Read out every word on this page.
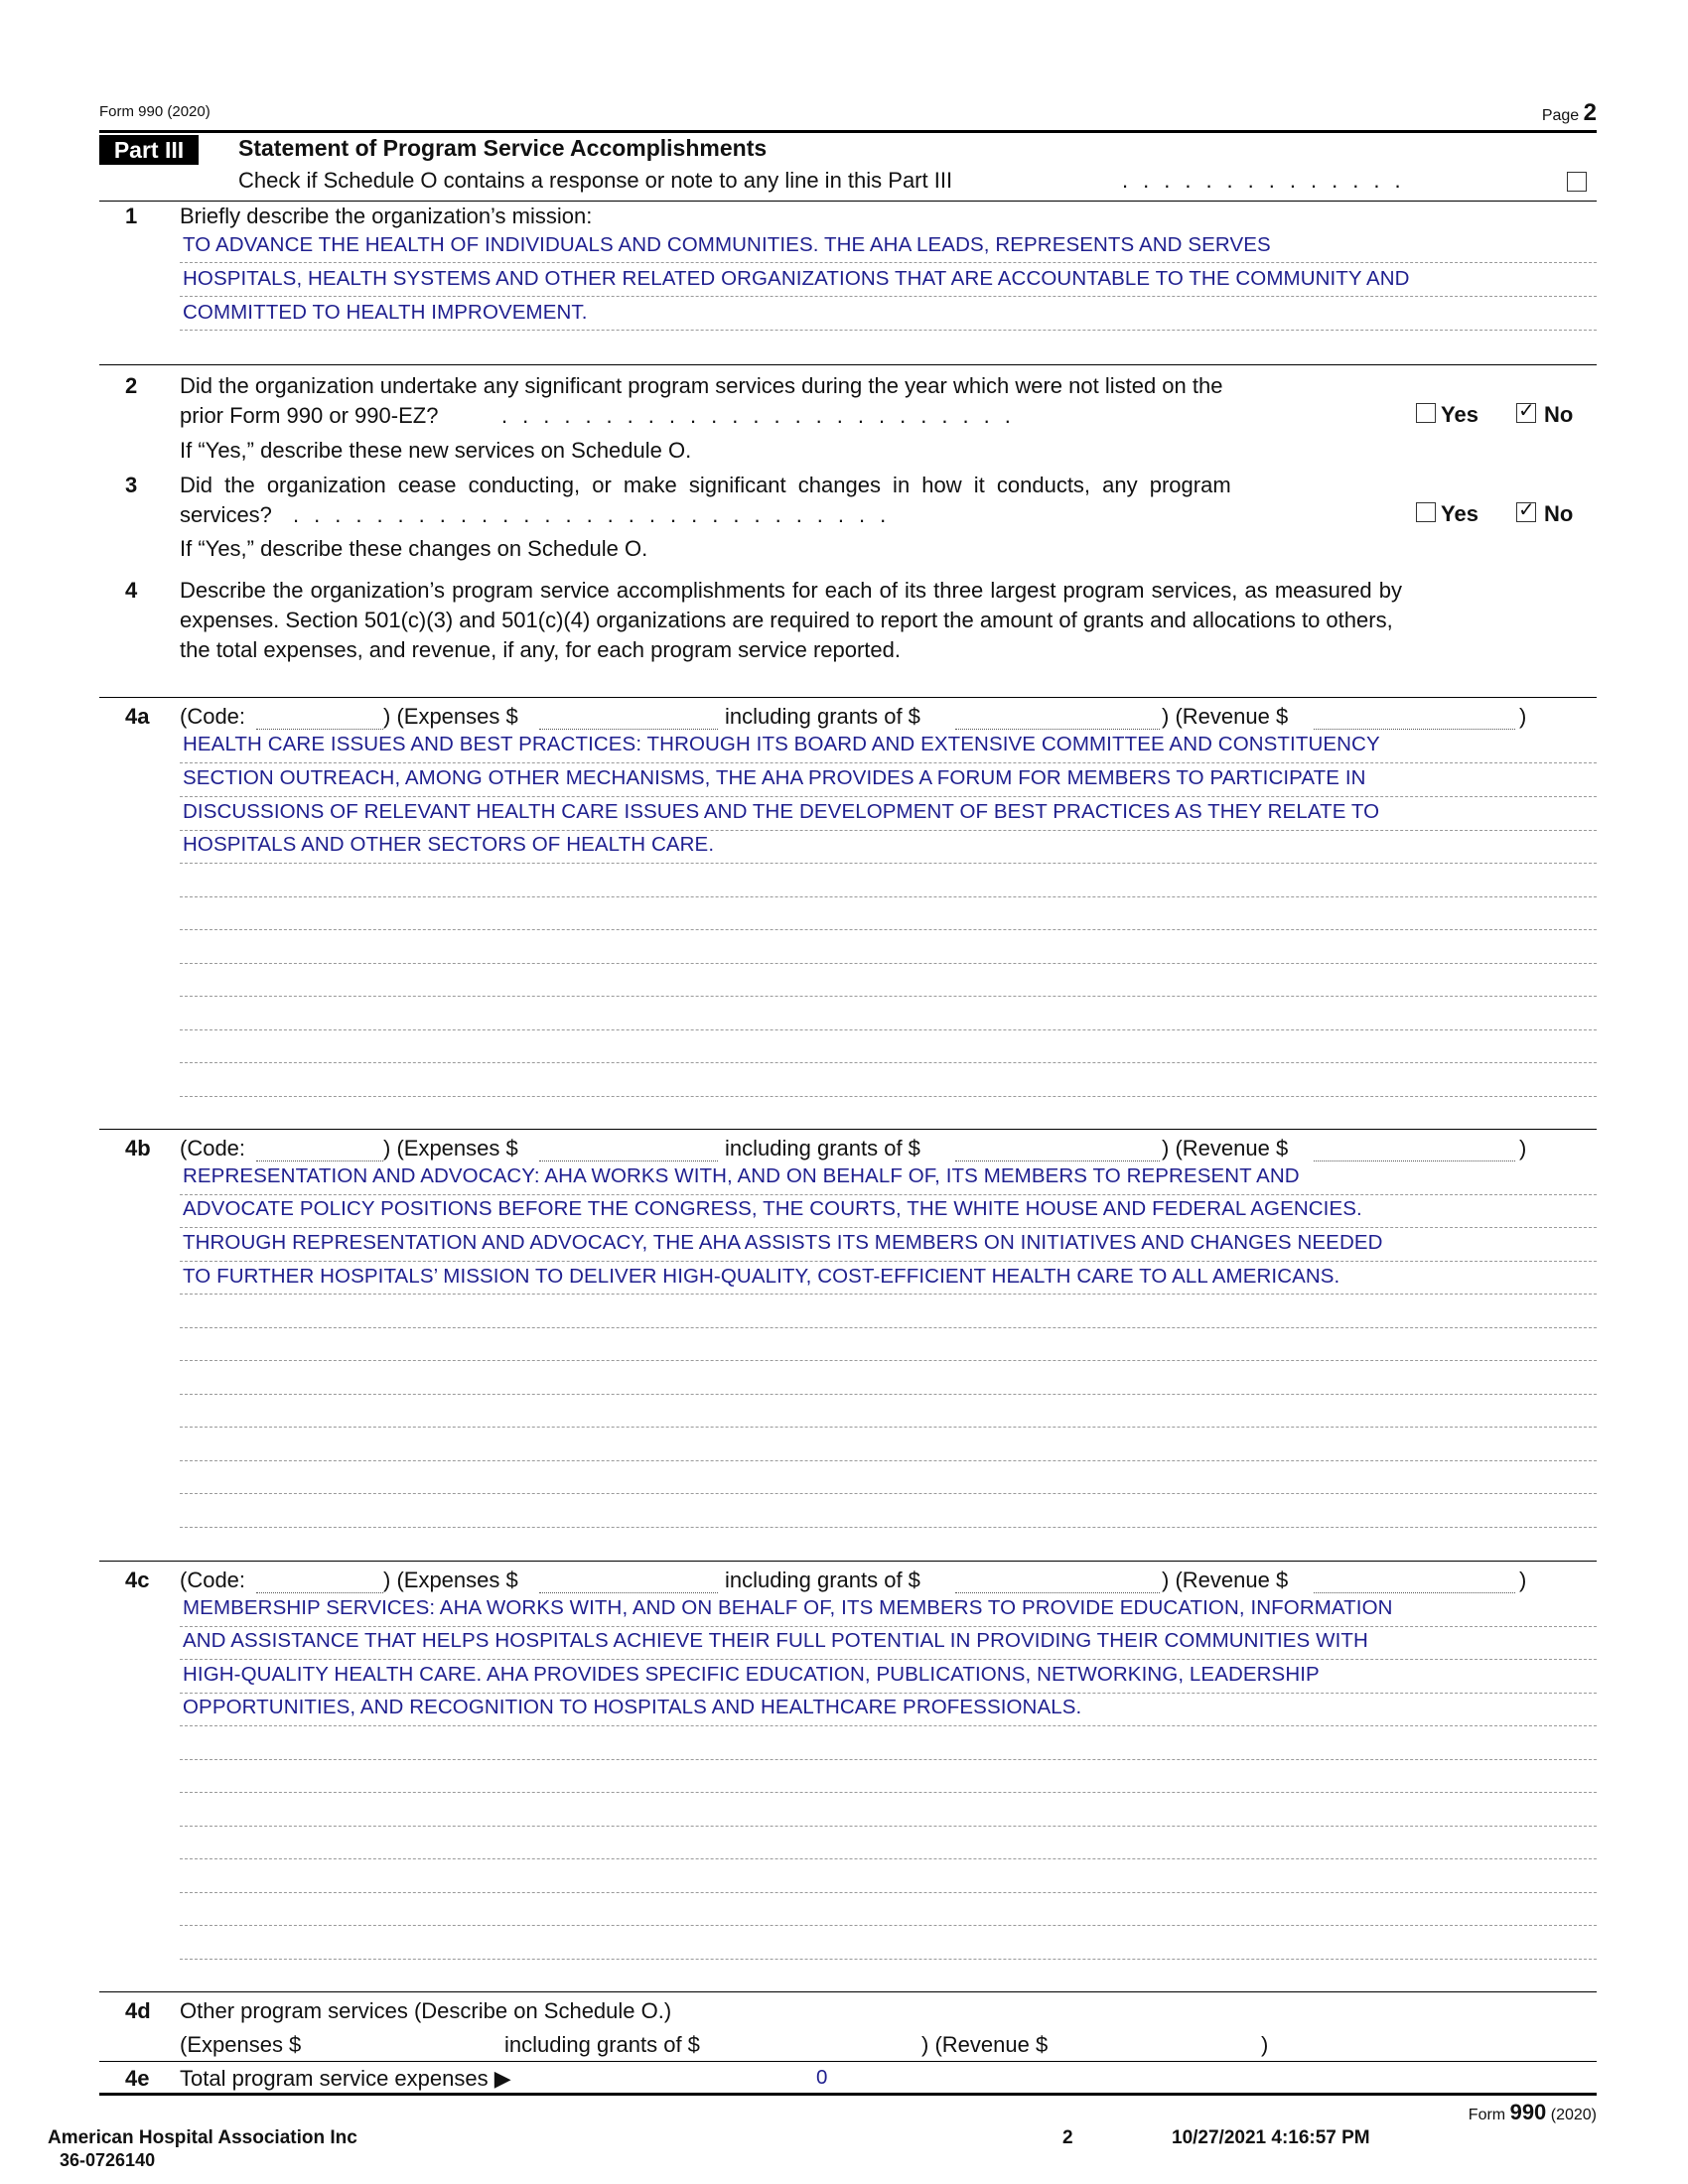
Form 990 (2020)	Page 2
Part III	Statement of Program Service Accomplishments
Check if Schedule O contains a response or note to any line in this Part III	..............
1 Briefly describe the organization’s mission:
TO ADVANCE THE HEALTH OF INDIVIDUALS AND COMMUNITIES. THE AHA LEADS, REPRESENTS AND SERVES
HOSPITALS, HEALTH SYSTEMS AND OTHER RELATED ORGANIZATIONS THAT ARE ACCOUNTABLE TO THE COMMUNITY AND
COMMITTED TO HEALTH IMPROVEMENT.
2 Did the organization undertake any significant program services during the year which were not listed on the
prior Form 990 or 990-EZ?	.........................	Yes ✓ No
If “Yes,” describe these new services on Schedule O.
3 Did the organization cease conducting, or make significant changes in how it conducts, any program
services? .............................	Yes ✓ No
If “Yes,” describe these changes on Schedule O.
4 Describe the organization’s program service accomplishments for each of its three largest program services, as measured by
expenses. Section 501(c)(3) and 501(c)(4) organizations are required to report the amount of grants and allocations to others,
the total expenses, and revenue, if any, for each program service reported.
4a (Code:	) (Expenses $	including grants of $	) (Revenue $	)
HEALTH CARE ISSUES AND BEST PRACTICES: THROUGH ITS BOARD AND EXTENSIVE COMMITTEE AND CONSTITUENCY
SECTION OUTREACH, AMONG OTHER MECHANISMS, THE AHA PROVIDES A FORUM FOR MEMBERS TO PARTICIPATE IN
DISCUSSIONS OF RELEVANT HEALTH CARE ISSUES AND THE DEVELOPMENT OF BEST PRACTICES AS THEY RELATE TO
HOSPITALS AND OTHER SECTORS OF HEALTH CARE.
4b (Code:	) (Expenses $	including grants of $	) (Revenue $	)
REPRESENTATION AND ADVOCACY: AHA WORKS WITH, AND ON BEHALF OF, ITS MEMBERS TO REPRESENT AND
ADVOCATE POLICY POSITIONS BEFORE THE CONGRESS, THE COURTS, THE WHITE HOUSE AND FEDERAL AGENCIES.
THROUGH REPRESENTATION AND ADVOCACY, THE AHA ASSISTS ITS MEMBERS ON INITIATIVES AND CHANGES NEEDED
TO FURTHER HOSPITALS’ MISSION TO DELIVER HIGH-QUALITY, COST-EFFICIENT HEALTH CARE TO ALL AMERICANS.
4c (Code:	) (Expenses $	including grants of $	) (Revenue $	)
MEMBERSHIP SERVICES: AHA WORKS WITH, AND ON BEHALF OF, ITS MEMBERS TO PROVIDE EDUCATION, INFORMATION
AND ASSISTANCE THAT HELPS HOSPITALS ACHIEVE THEIR FULL POTENTIAL IN PROVIDING THEIR COMMUNITIES WITH
HIGH-QUALITY HEALTH CARE. AHA PROVIDES SPECIFIC EDUCATION, PUBLICATIONS, NETWORKING, LEADERSHIP
OPPORTUNITIES, AND RECOGNITION TO HOSPITALS AND HEALTHCARE PROFESSIONALS.
4d Other program services (Describe on Schedule O.)
(Expenses $	including grants of $	) (Revenue $	)
4e Total program service expenses ▶	0
Form 990 (2020)
American Hospital Association Inc
36-0726140
2	10/27/2021 4:16:57 PM
